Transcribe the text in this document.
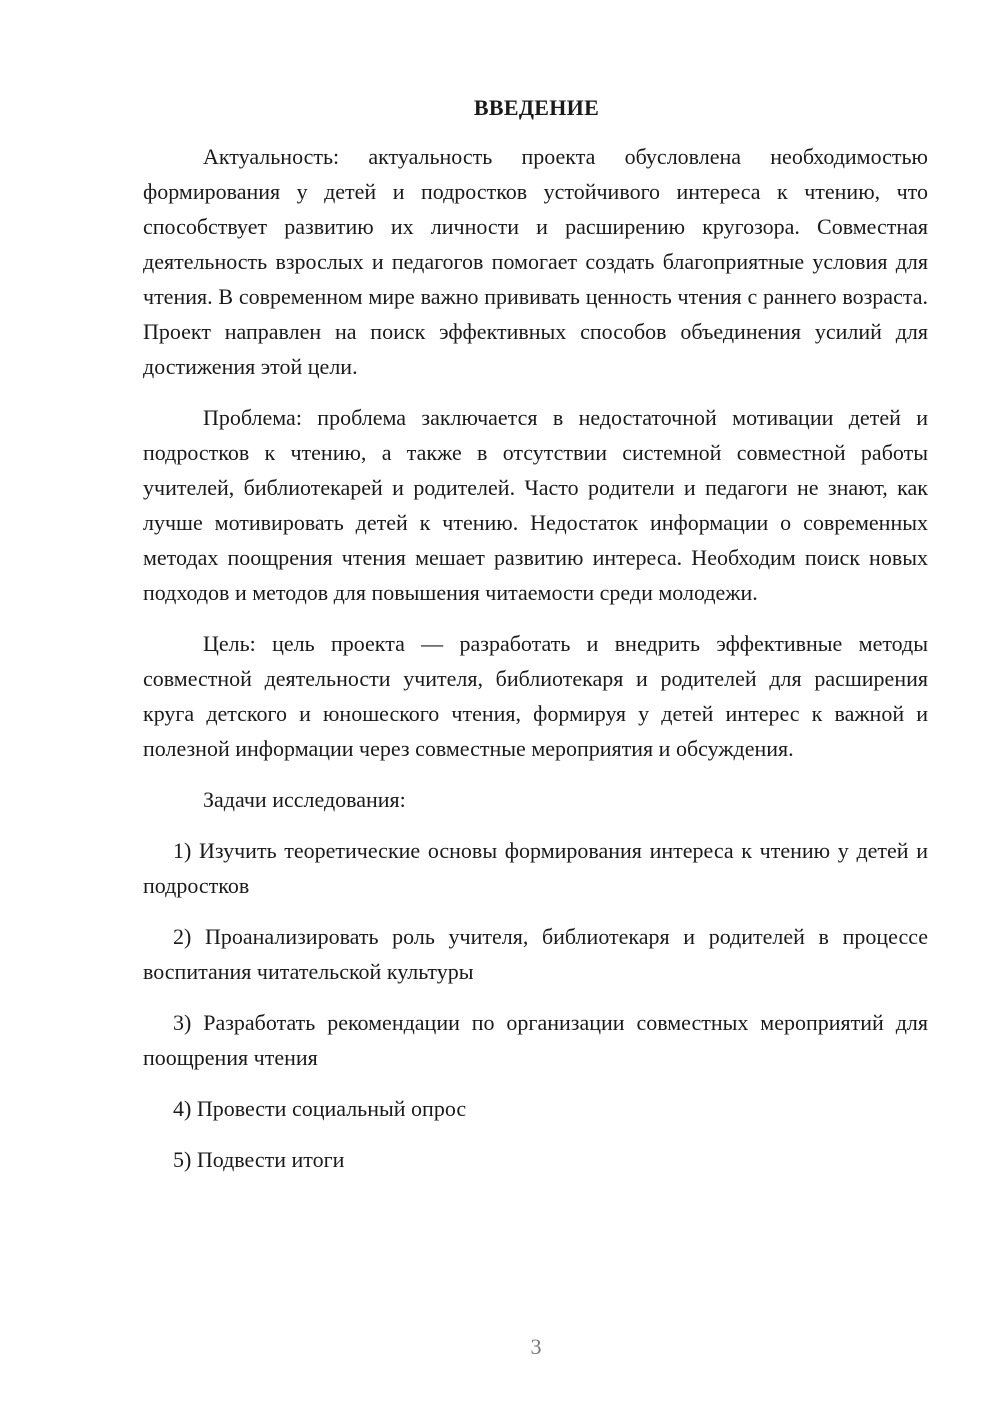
ВВЕДЕНИЕ

Актуальность: актуальность проекта обусловлена необходимостью формирования у детей и подростков устойчивого интереса к чтению, что способствует развитию их личности и расширению кругозора. Совместная деятельность взрослых и педагогов помогает создать благоприятные условия для чтения. В современном мире важно прививать ценность чтения с раннего возраста. Проект направлен на поиск эффективных способов объединения усилий для достижения этой цели.

Проблема: проблема заключается в недостаточной мотивации детей и подростков к чтению, а также в отсутствии системной совместной работы учителей, библиотекарей и родителей. Часто родители и педагоги не знают, как лучше мотивировать детей к чтению. Недостаток информации о современных методах поощрения чтения мешает развитию интереса. Необходим поиск новых подходов и методов для повышения читаемости среди молодежи.

Цель: цель проекта — разработать и внедрить эффективные методы совместной деятельности учителя, библиотекаря и родителей для расширения круга детского и юношеского чтения, формируя у детей интерес к важной и полезной информации через совместные мероприятия и обсуждения.

Задачи исследования:

1) Изучить теоретические основы формирования интереса к чтению у детей и подростков

2) Проанализировать роль учителя, библиотекаря и родителей в процессе воспитания читательской культуры

3) Разработать рекомендации по организации совместных мероприятий для поощрения чтения

4) Провести социальный опрос

5) Подвести итоги

3
